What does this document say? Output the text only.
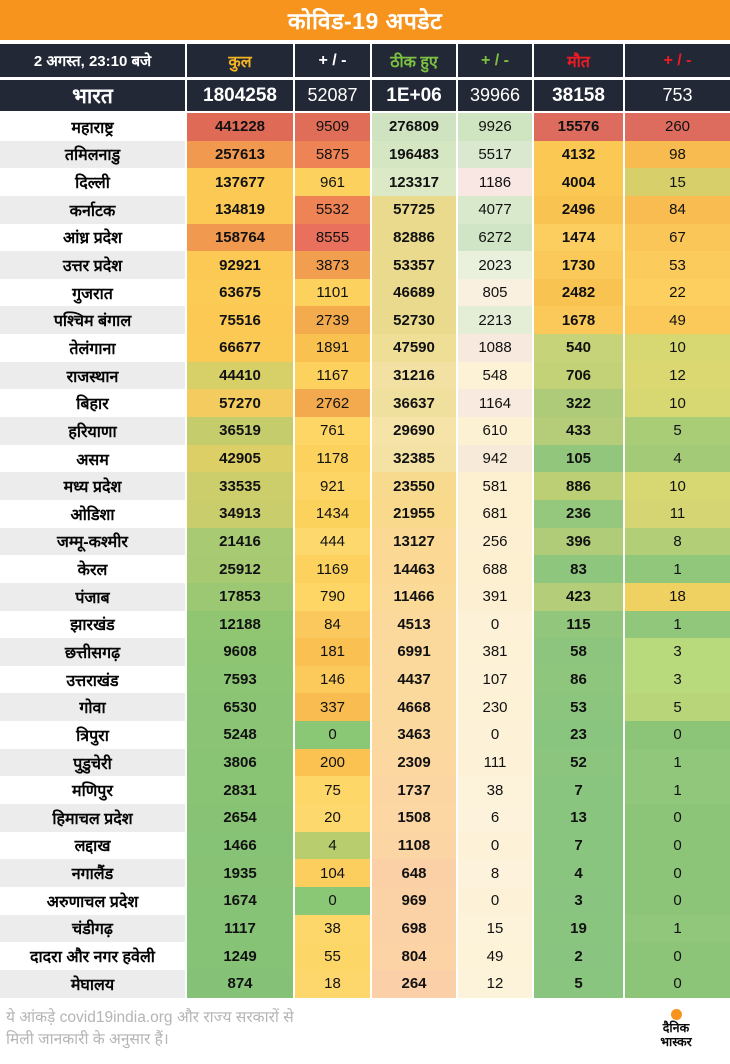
कोविड-19 अपडेट
2 अगस्त, 23:10 बजे	कुल	+ / -	ठीक हुए	+ / -	मौत	+ / -
भारत	1804258	52087	1E+06	39966	38158	753
महाराष्ट्र	441228	9509	276809	9926	15576	260
तमिलनाडु	257613	5875	196483	5517	4132	98
दिल्ली	137677	961	123317	1186	4004	15
कर्नाटक	134819	5532	57725	4077	2496	84
आंध्र प्रदेश	158764	8555	82886	6272	1474	67
उत्तर प्रदेश	92921	3873	53357	2023	1730	53
गुजरात	63675	1101	46689	805	2482	22
पश्चिम बंगाल	75516	2739	52730	2213	1678	49
तेलंगाना	66677	1891	47590	1088	540	10
राजस्थान	44410	1167	31216	548	706	12
बिहार	57270	2762	36637	1164	322	10
हरियाणा	36519	761	29690	610	433	5
असम	42905	1178	32385	942	105	4
मध्य प्रदेश	33535	921	23550	581	886	10
ओडिशा	34913	1434	21955	681	236	11
जम्मू-कश्मीर	21416	444	13127	256	396	8
केरल	25912	1169	14463	688	83	1
पंजाब	17853	790	11466	391	423	18
झारखंड	12188	84	4513	0	115	1
छत्तीसगढ़	9608	181	6991	381	58	3
उत्तराखंड	7593	146	4437	107	86	3
गोवा	6530	337	4668	230	53	5
त्रिपुरा	5248	0	3463	0	23	0
पुडुचेरी	3806	200	2309	111	52	1
मणिपुर	2831	75	1737	38	7	1
हिमाचल प्रदेश	2654	20	1508	6	13	0
लद्दाख	1466	4	1108	0	7	0
नगालैंड	1935	104	648	8	4	0
अरुणाचल प्रदेश	1674	0	969	0	3	0
चंडीगढ़	1117	38	698	15	19	1
दादरा और नगर हवेली	1249	55	804	49	2	0
मेघालय	874	18	264	12	5	0
ये आंकड़े covid19india.org और राज्य सरकारों से
मिली जानकारी के अनुसार हैं।
दैनिक
भास्कर
